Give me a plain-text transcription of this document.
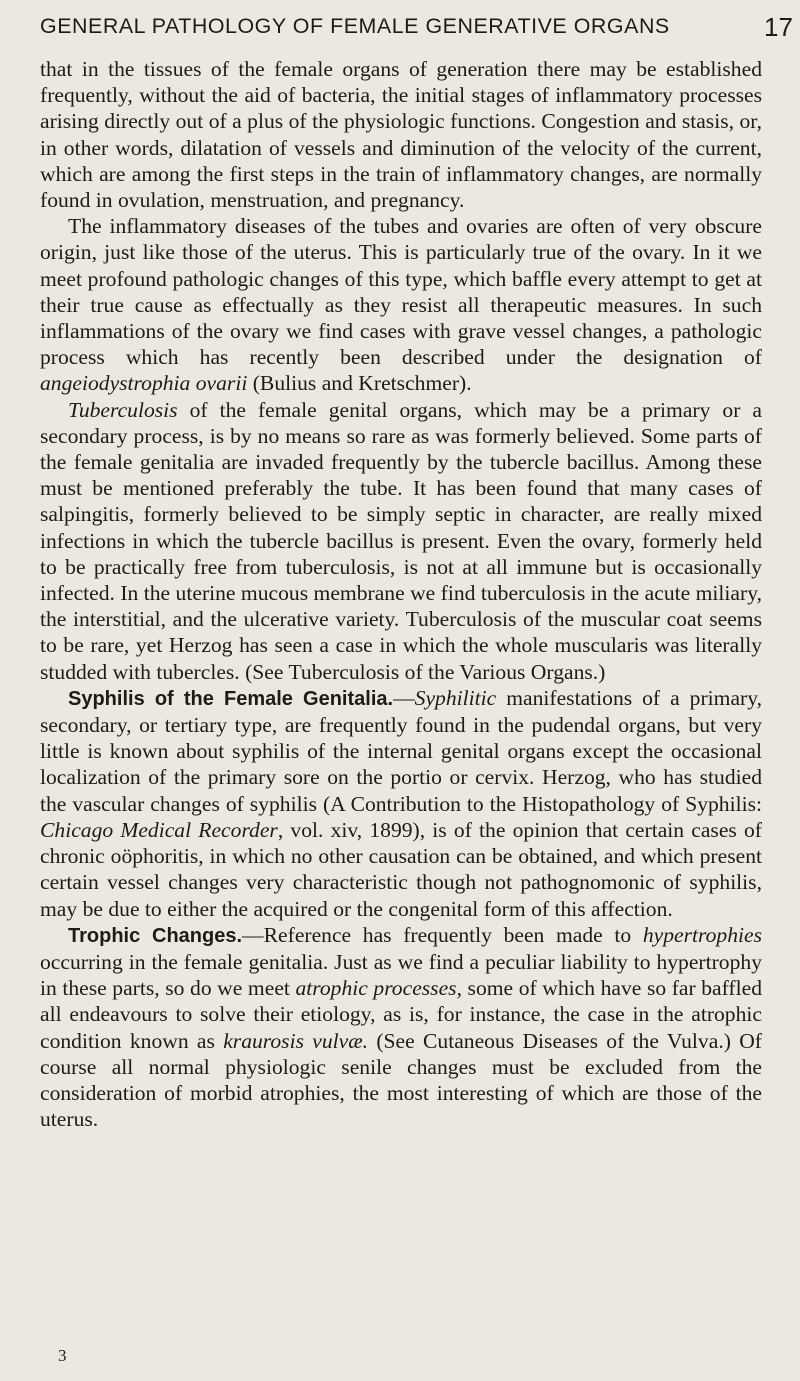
GENERAL PATHOLOGY OF FEMALE GENERATIVE ORGANS	17

that in the tissues of the female organs of generation there may be established frequently, without the aid of bacteria, the initial stages of inflammatory processes arising directly out of a plus of the physiologic functions. Congestion and stasis, or, in other words, dilatation of vessels and diminution of the velocity of the current, which are among the first steps in the train of inflammatory changes, are normally found in ovulation, menstruation, and pregnancy.

The inflammatory diseases of the tubes and ovaries are often of very obscure origin, just like those of the uterus. This is particularly true of the ovary. In it we meet profound pathologic changes of this type, which baffle every attempt to get at their true cause as effectually as they resist all therapeutic measures. In such inflammations of the ovary we find cases with grave vessel changes, a pathologic process which has recently been described under the designation of angeiodystrophia ovarii (Bulius and Kretschmer).

Tuberculosis of the female genital organs, which may be a primary or a secondary process, is by no means so rare as was formerly believed. Some parts of the female genitalia are invaded frequently by the tubercle bacillus. Among these must be mentioned preferably the tube. It has been found that many cases of salpingitis, formerly believed to be simply septic in character, are really mixed infections in which the tubercle bacillus is present. Even the ovary, formerly held to be practically free from tuberculosis, is not at all immune but is occasionally infected. In the uterine mucous membrane we find tuberculosis in the acute miliary, the interstitial, and the ulcerative variety. Tuberculosis of the muscular coat seems to be rare, yet Herzog has seen a case in which the whole muscularis was literally studded with tubercles. (See Tuberculosis of the Various Organs.)

Syphilis of the Female Genitalia.—Syphilitic manifestations of a primary, secondary, or tertiary type, are frequently found in the pudendal organs, but very little is known about syphilis of the internal genital organs except the occasional localization of the primary sore on the portio or cervix. Herzog, who has studied the vascular changes of syphilis (A Contribution to the Histopathology of Syphilis: Chicago Medical Recorder, vol. xiv, 1899), is of the opinion that certain cases of chronic oöphoritis, in which no other causation can be obtained, and which present certain vessel changes very characteristic though not pathognomonic of syphilis, may be due to either the acquired or the congenital form of this affection.

Trophic Changes.—Reference has frequently been made to hypertrophies occurring in the female genitalia. Just as we find a peculiar liability to hypertrophy in these parts, so do we meet atrophic processes, some of which have so far baffled all endeavours to solve their etiology, as is, for instance, the case in the atrophic condition known as kraurosis vulvæ. (See Cutaneous Diseases of the Vulva.) Of course all normal physiologic senile changes must be excluded from the consideration of morbid atrophies, the most interesting of which are those of the uterus.

3
